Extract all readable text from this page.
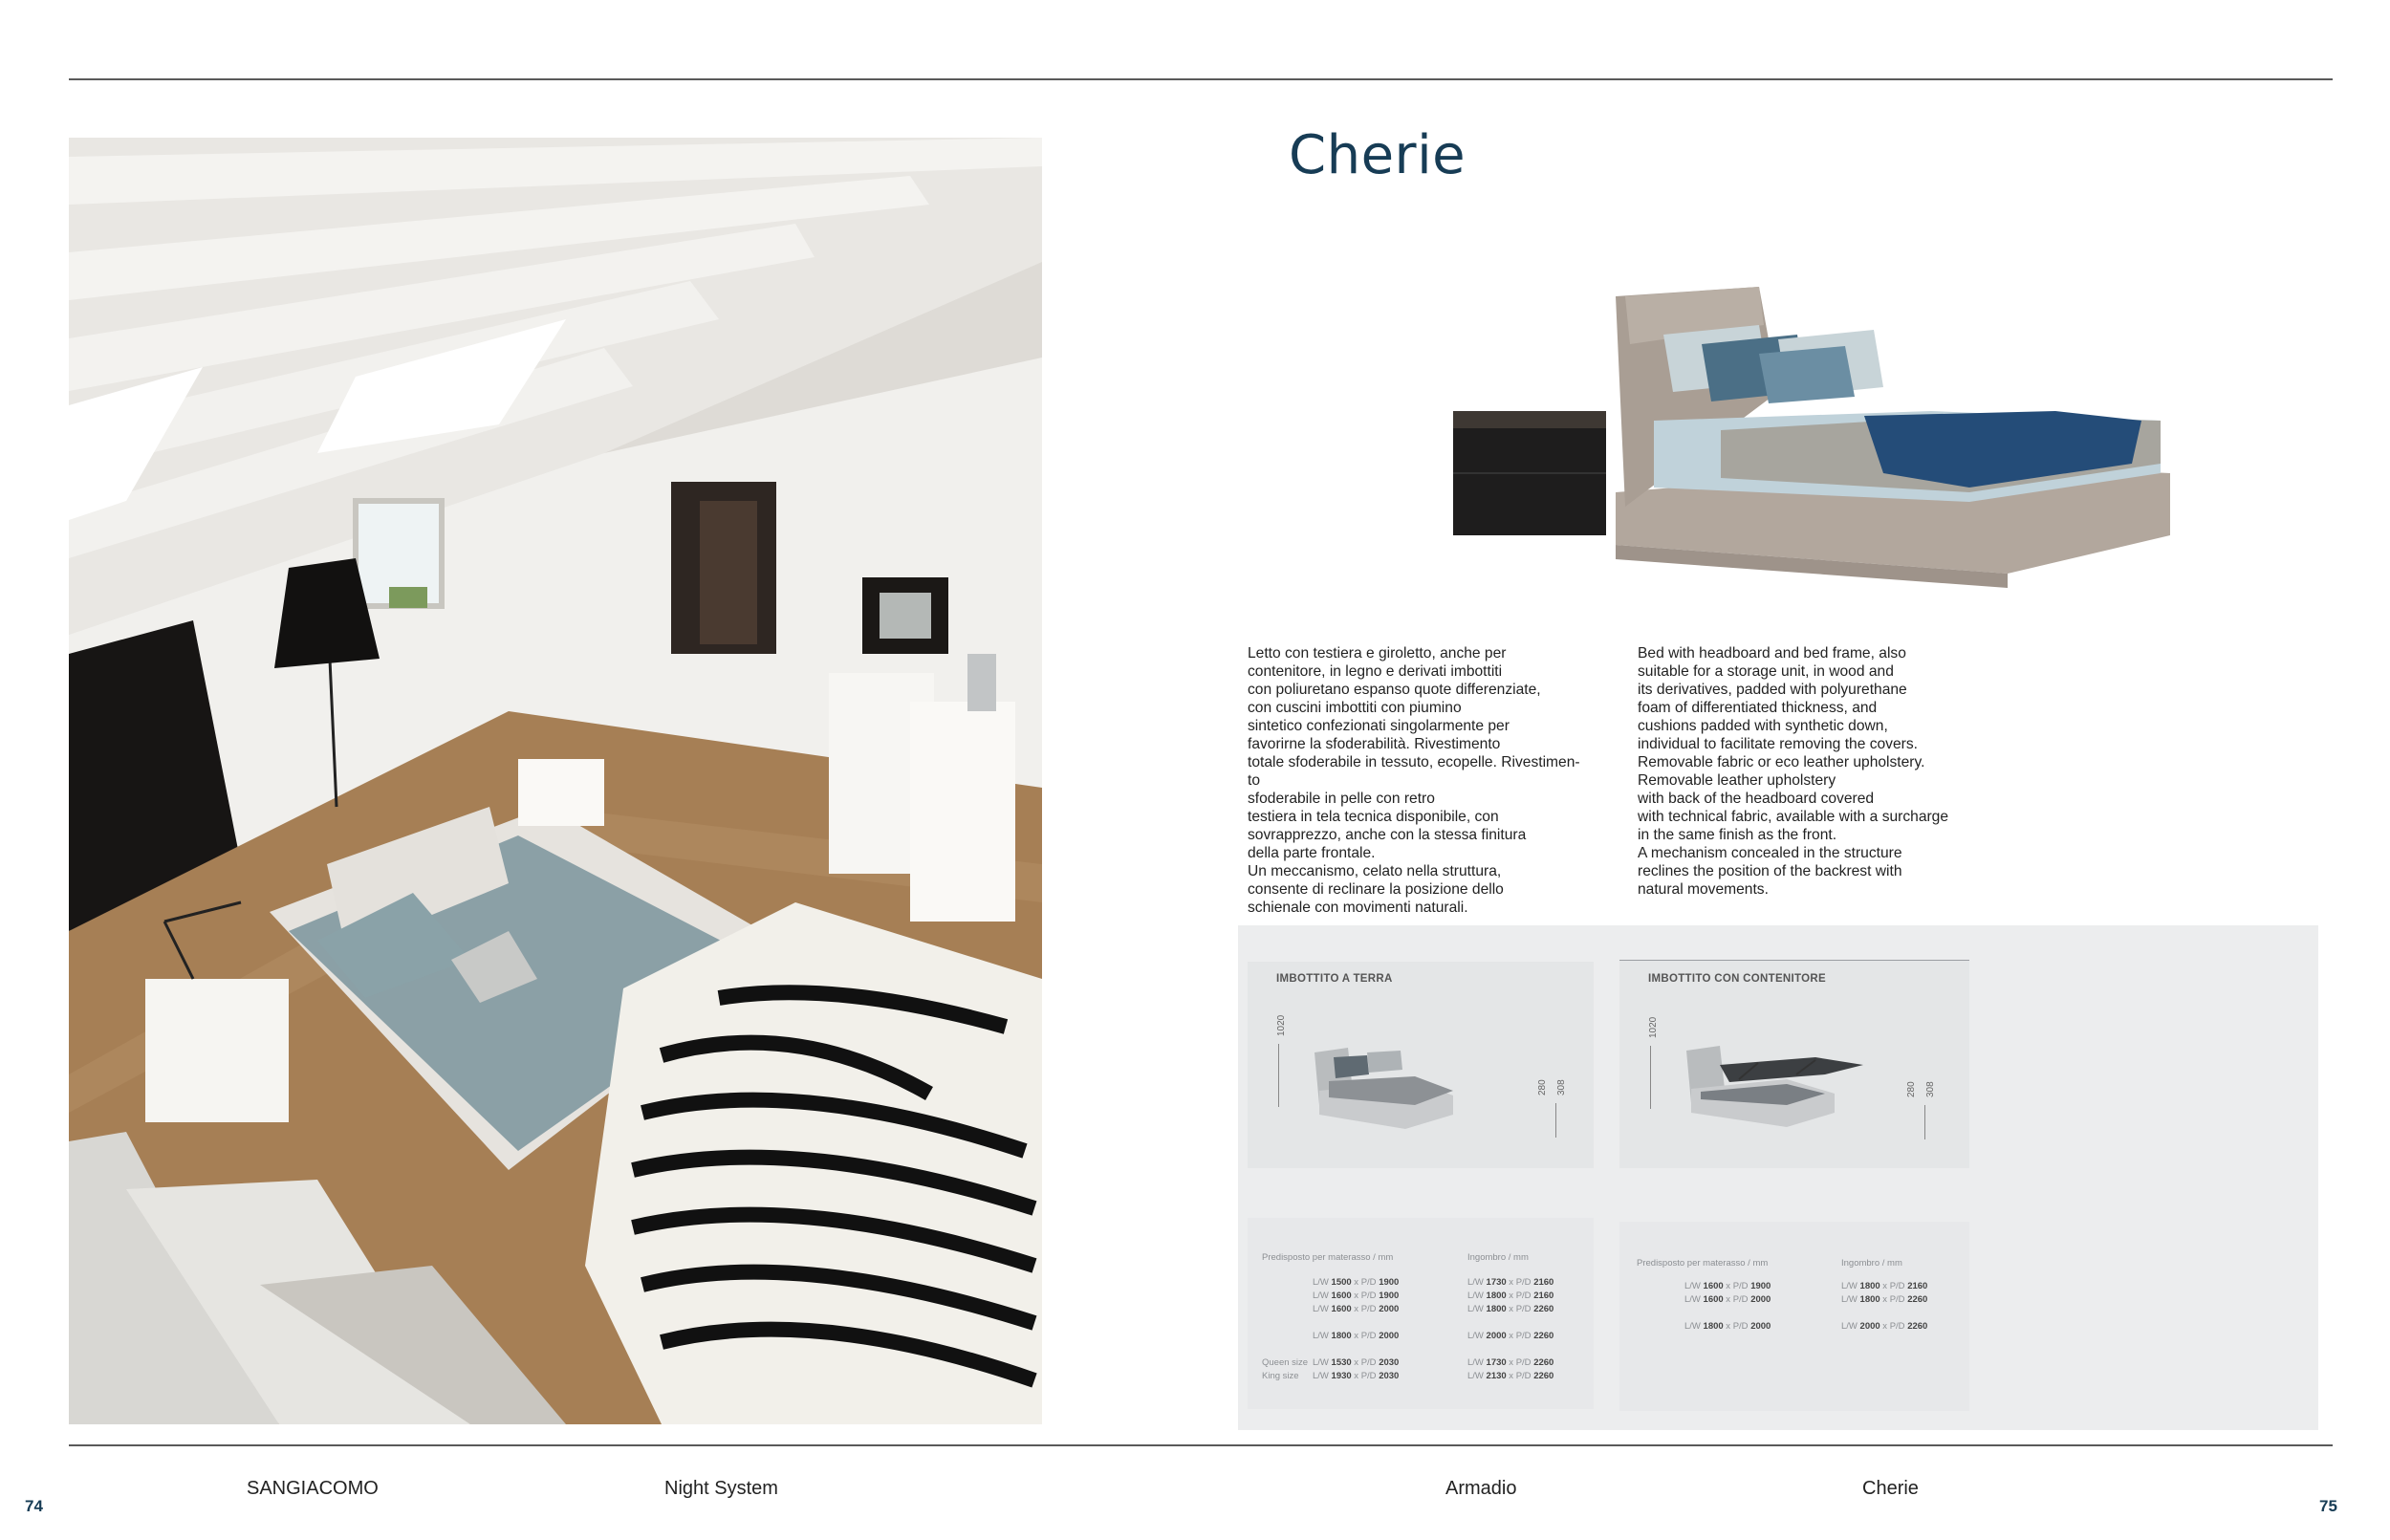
Cherie
Letto con testiera e giroletto, anche per
contenitore, in legno e derivati imbottiti
con poliuretano espanso quote differenziate,
con cuscini imbottiti con piumino
sintetico confezionati singolarmente per
favorirne la sfoderabilità. Rivestimento
totale sfoderabile in tessuto, ecopelle. Rivestimen-
to
sfoderabile in pelle con retro
testiera in tela tecnica disponibile, con
sovrapprezzo, anche con la stessa finitura
della parte frontale.
Un meccanismo, celato nella struttura,
consente di reclinare la posizione dello
schienale con movimenti naturali.
Bed with headboard and bed frame, also
suitable for a storage unit, in wood and
its derivatives, padded with polyurethane
foam of differentiated thickness, and
cushions padded with synthetic down,
individual to facilitate removing the covers.
Removable fabric or eco leather upholstery.
Removable leather upholstery
with back of the headboard covered
with technical fabric, available with a surcharge
in the same finish as the front.
A mechanism concealed in the structure
reclines the position of the backrest with
natural movements.
IMBOTTITO A TERRA
1020
280 308
IMBOTTITO CON CONTENITORE
1020
280 308
Predisposto per materasso / mm	Ingombro / mm
L/W 1500 x P/D 1900	L/W 1730 x P/D 2160
L/W 1600 x P/D 1900	L/W 1800 x P/D 2160
L/W 1600 x P/D 2000	L/W 1800 x P/D 2260
L/W 1800 x P/D 2000	L/W 2000 x P/D 2260
Queen size L/W 1530 x P/D 2030	L/W 1730 x P/D 2260
King size L/W 1930 x P/D 2030	L/W 2130 x P/D 2260
Predisposto per materasso / mm	Ingombro / mm
L/W 1600 x P/D 1900	L/W 1800 x P/D 2160
L/W 1600 x P/D 2000	L/W 1800 x P/D 2260
L/W 1800 x P/D 2000	L/W 2000 x P/D 2260
SANGIACOMO	Night System	Armadio	Cherie
74	75
